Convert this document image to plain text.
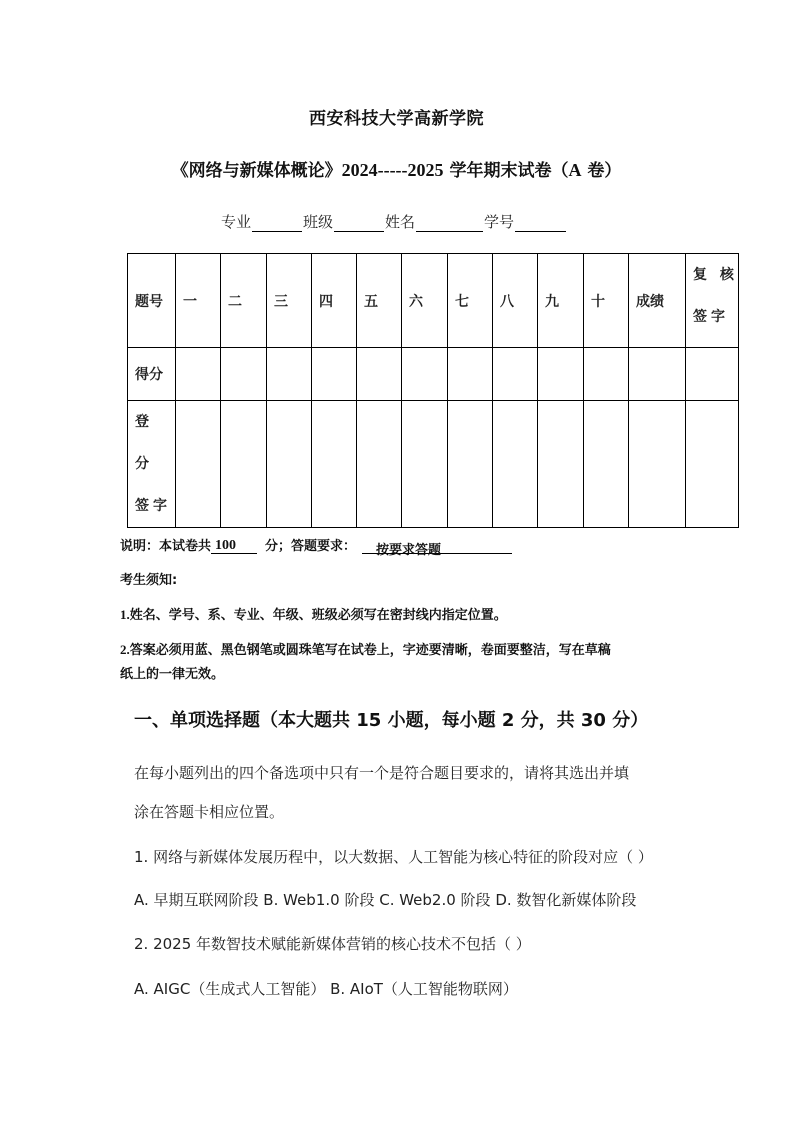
西安科技大学高新学院
《网络与新媒体概论》2024-----2025 学年期末试卷（A 卷）
专业	班级	姓名	学号
题号	一	二	三	四	五	六	七	八	九	十	成绩	复 核
签字

得分												

登 分
签字												

说明：本试卷共 100	分；答题要求：	按要求答题
考生须知:
1.姓名、学号、系、专业、年级、班级必须写在密封线内指定位置。
2.答案必须用蓝、黑色钢笔或圆珠笔写在试卷上，字迹要清晰，卷面要整洁，写在草稿
纸上的一律无效。
一、单项选择题（本大题共 15 小题，每小题 2 分，共 30 分）
在每小题列出的四个备选项中只有一个是符合题目要求的，请将其选出并填
涂在答题卡相应位置。
1. 网络与新媒体发展历程中，以大数据、人工智能为核心特征的阶段对应（ ）
A. 早期互联网阶段 B. Web1.0 阶段 C. Web2.0 阶段 D. 数智化新媒体阶段
2. 2025 年数智技术赋能新媒体营销的核心技术不包括（ ）
A. AIGC（生成式人工智能） B. AIoT（人工智能物联网）
